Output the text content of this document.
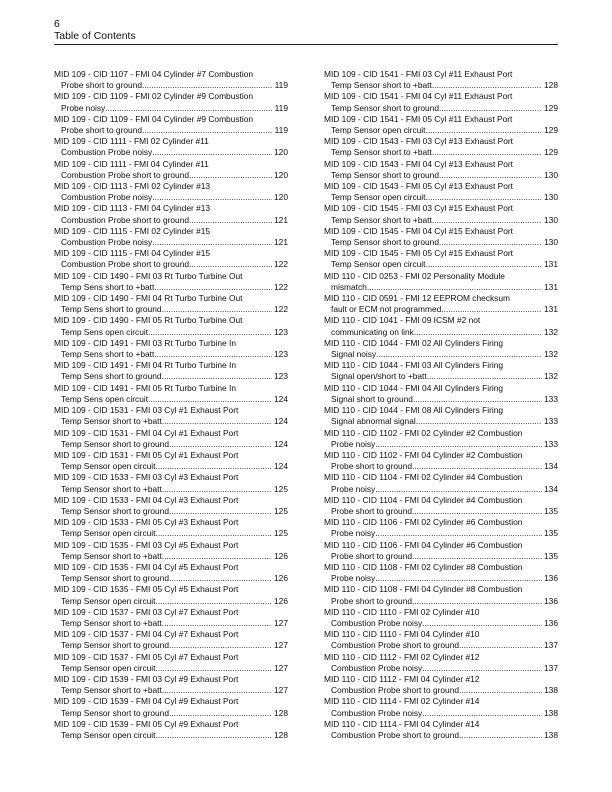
6
Table of Contents
MID 109 - CID 1107 - FMI 04 Cylinder #7 Combustion
Probe short to ground .....	119
MID 109 - CID 1109 - FMI 02 Cylinder #9 Combustion
Probe noisy .....	119
MID 109 - CID 1109 - FMI 04 Cylinder #9 Combustion
Probe short to ground .....	119
MID 109 - CID 1111 - FMI 02 Cylinder #11
Combustion Probe noisy .....	120
MID 109 - CID 1111 - FMI 04 Cylinder #11
Combustion Probe short to ground .....	120
MID 109 - CID 1113 - FMI 02 Cylinder #13
Combustion Probe noisy .....	120
MID 109 - CID 1113 - FMI 04 Cylinder #13
Combustion Probe short to ground .....	121
MID 109 - CID 1115 - FMI 02 Cylinder #15
Combustion Probe noisy .....	121
MID 109 - CID 1115 - FMI 04 Cylinder #15
Combustion Probe short to ground .....	122
MID 109 - CID 1490 - FMI 03 Rt Turbo Turbine Out
Temp Sens short to +batt .....	122
MID 109 - CID 1490 - FMI 04 Rt Turbo Turbine Out
Temp Sens short to ground .....	122
MID 109 - CID 1490 - FMI 05 Rt Turbo Turbine Out
Temp Sens open circuit .....	123
MID 109 - CID 1491 - FMI 03 Rt Turbo Turbine In
Temp Sens short to +batt .....	123
MID 109 - CID 1491 - FMI 04 Rt Turbo Turbine In
Temp Sens short to ground .....	123
MID 109 - CID 1491 - FMI 05 Rt Turbo Turbine In
Temp Sens open circuit .....	124
MID 109 - CID 1531 - FMI 03 Cyl #1 Exhaust Port
Temp Sensor short to +batt .....	124
MID 109 - CID 1531 - FMI 04 Cyl #1 Exhaust Port
Temp Sensor short to ground .....	124
MID 109 - CID 1531 - FMI 05 Cyl #1 Exhaust Port
Temp Sensor open circuit .....	124
MID 109 - CID 1533 - FMI 03 Cyl #3 Exhaust Port
Temp Sensor short to +batt .....	125
MID 109 - CID 1533 - FMI 04 Cyl #3 Exhaust Port
Temp Sensor short to ground .....	125
MID 109 - CID 1533 - FMI 05 Cyl #3 Exhaust Port
Temp Sensor open circuit .....	125
MID 109 - CID 1535 - FMI 03 Cyl #5 Exhaust Port
Temp Sensor short to +batt .....	126
MID 109 - CID 1535 - FMI 04 Cyl #5 Exhaust Port
Temp Sensor short to ground .....	126
MID 109 - CID 1535 - FMI 05 Cyl #5 Exhaust Port
Temp Sensor open circuit .....	126
MID 109 - CID 1537 - FMI 03 Cyl #7 Exhaust Port
Temp Sensor short to +batt .....	127
MID 109 - CID 1537 - FMI 04 Cyl #7 Exhaust Port
Temp Sensor short to ground .....	127
MID 109 - CID 1537 - FMI 05 Cyl #7 Exhaust Port
Temp Sensor open circuit .....	127
MID 109 - CID 1539 - FMI 03 Cyl #9 Exhaust Port
Temp Sensor short to +batt .....	127
MID 109 - CID 1539 - FMI 04 Cyl #9 Exhaust Port
Temp Sensor short to ground .....	128
MID 109 - CID 1539 - FMI 05 Cyl #9 Exhaust Port
Temp Sensor open circuit .....	128
MID 109 - CID 1541 - FMI 03 Cyl #11 Exhaust Port
Temp Sensor short to +batt .....	128
MID 109 - CID 1541 - FMI 04 Cyl #11 Exhaust Port
Temp Sensor short to ground .....	129
MID 109 - CID 1541 - FMI 05 Cyl #11 Exhaust Port
Temp Sensor open circuit .....	129
MID 109 - CID 1543 - FMI 03 Cyl #13 Exhaust Port
Temp Sensor short to +batt .....	129
MID 109 - CID 1543 - FMI 04 Cyl #13 Exhaust Port
Temp Sensor short to ground .....	130
MID 109 - CID 1543 - FMI 05 Cyl #13 Exhaust Port
Temp Sensor open circuit .....	130
MID 109 - CID 1545 - FMI 03 Cyl #15 Exhaust Port
Temp Sensor short to +batt .....	130
MID 109 - CID 1545 - FMI 04 Cyl #15 Exhaust Port
Temp Sensor short to ground .....	130
MID 109 - CID 1545 - FMI 05 Cyl #15 Exhaust Port
Temp Sensor open circuit .....	131
MID 110 - CID 0253 - FMI 02 Personality Module
mismatch .....	131
MID 110 - CID 0591 - FMI 12 EEPROM checksum
fault or ECM not programmed .....	131
MID 110 - CID 1041 - FMI 09 ICSM #2 not
communicating on link .....	132
MID 110 - CID 1044 - FMI 02 All Cylinders Firing
Signal noisy .....	132
MID 110 - CID 1044 - FMI 03 All Cylinders Firing
Signal open/short to +batt .....	132
MID 110 - CID 1044 - FMI 04 All Cylinders Firing
Signal short to ground .....	133
MID 110 - CID 1044 - FMI 08 All Cylinders Firing
Signal abnormal signal .....	133
MID 110 - CID 1102 - FMI 02 Cylinder #2 Combustion
Probe noisy .....	133
MID 110 - CID 1102 - FMI 04 Cylinder #2 Combustion
Probe short to ground .....	134
MID 110 - CID 1104 - FMI 02 Cylinder #4 Combustion
Probe noisy .....	134
MID 110 - CID 1104 - FMI 04 Cylinder #4 Combustion
Probe short to ground .....	135
MID 110 - CID 1106 - FMI 02 Cylinder #6 Combustion
Probe noisy .....	135
MID 110 - CID 1106 - FMI 04 Cylinder #6 Combustion
Probe short to ground .....	135
MID 110 - CID 1108 - FMI 02 Cylinder #8 Combustion
Probe noisy .....	136
MID 110 - CID 1108 - FMI 04 Cylinder #8 Combustion
Probe short to ground .....	136
MID 110 - CID 1110 - FMI 02 Cylinder #10
Combustion Probe noisy .....	136
MID 110 - CID 1110 - FMI 04 Cylinder #10
Combustion Probe short to ground .....	137
MID 110 - CID 1112 - FMI 02 Cylinder #12
Combustion Probe noisy .....	137
MID 110 - CID 1112 - FMI 04 Cylinder #12
Combustion Probe short to ground .....	138
MID 110 - CID 1114 - FMI 02 Cylinder #14
Combustion Probe noisy .....	138
MID 110 - CID 1114 - FMI 04 Cylinder #14
Combustion Probe short to ground .....	138
